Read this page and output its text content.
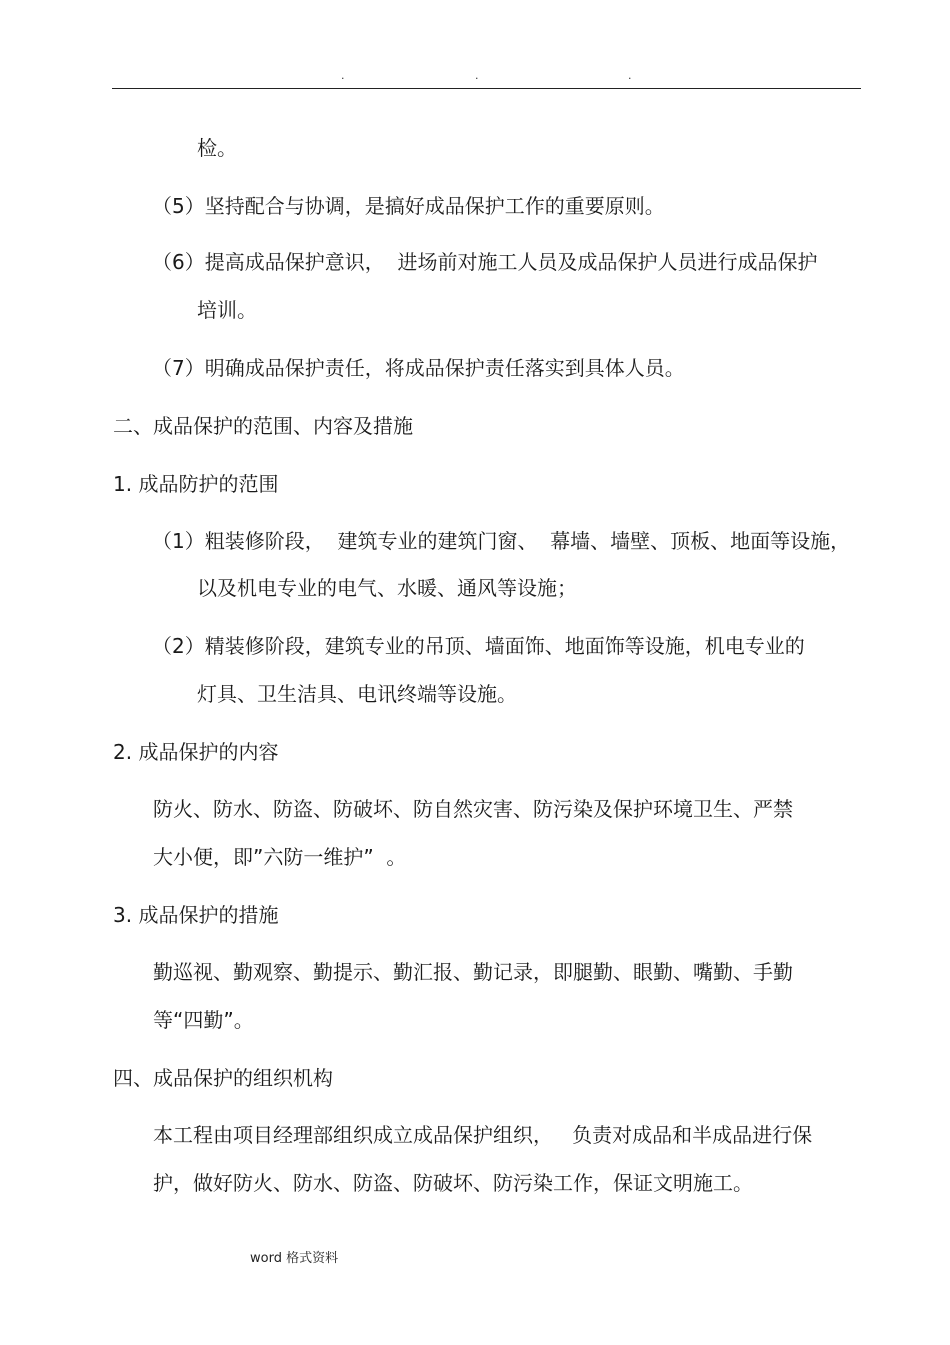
.	.	.
检。
（5）坚持配合与协调，是搞好成品保护工作的重要原则。
（6）提高成品保护意识，  进场前对施工人员及成品保护人员进行成品保护
培训。
（7）明确成品保护责任，将成品保护责任落实到具体人员。
二、成品保护的范围、内容及措施
1. 成品防护的范围
（1）粗装修阶段，  建筑专业的建筑门窗、  幕墙、墙壁、顶板、地面等设施，
以及机电专业的电气、水暖、通风等设施；
（2）精装修阶段，建筑专业的吊顶、墙面饰、地面饰等设施，机电专业的
灯具、卫生洁具、电讯终端等设施。
2. 成品保护的内容
防火、防水、防盗、防破坏、防自然灾害、防污染及保护环境卫生、严禁
大小便，即”六防一维护”  。
3. 成品保护的措施
勤巡视、勤观察、勤提示、勤汇报、勤记录，即腿勤、眼勤、嘴勤、手勤
等“四勤”。
四、成品保护的组织机构
本工程由项目经理部组织成立成品保护组织，   负责对成品和半成品进行保
护，做好防火、防水、防盗、防破坏、防污染工作，保证文明施工。
word 格式资料
